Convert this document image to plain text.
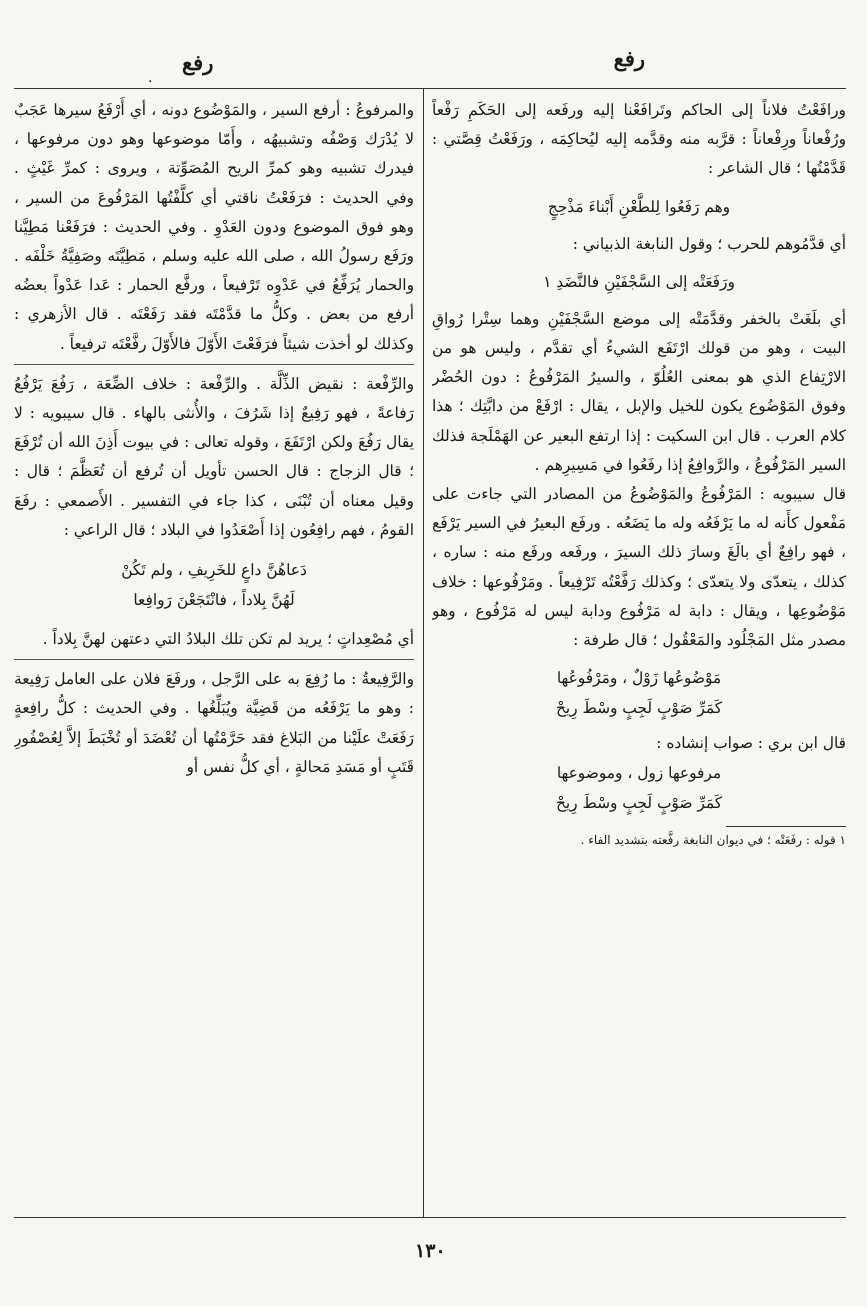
رفع
رفع
.

ورافَعْتُ فلاناً إلى الحاكم وتَرافَعْنا إليه ورفَعه إلى الحَكَمِ رَفْعاً ورُفْعاناً ورِفْعاناً : قرَّبه منه وقدَّمه إليه ليُحاكِمَه ، ورَفَعْتُ قِصَّتي : قَدَّمْتُها ؛ قال الشاعر :

وهم رَفَعُوا لِلطَّعْنِ أَبْناءَ مَذْحِجٍ

أي قدَّمُوهم للحرب ؛ وقول النابغة الذبياني :

ورَفَعَتْه إلى السَّجْفَيْنِ فالنَّضَدِ ١

أي بلَغَتْ بالخفر وقدَّمَتْه إلى موضع السَّجْفَيْنِ وهما سِتْرا رُواقِ البيت ، وهو من قولك ارْتَفَع الشيءُ أي تقدَّم ، وليس هو من الارْتِفاع الذي هو بمعنى العُلُوّ ، والسيرُ المَرْفُوعُ : دون الحُضْر وفوق المَوْضُوع يكون للخيل والإبل ، يقال : ارْفَعْ من دابَّتِك ؛ هذا كلام العرب . قال ابن السكيت : إذا ارتفع البعير عن الهَمْلَجة فذلك السير المَرْفُوعُ ، والرَّوافِعُ إذا رفَعُوا في مَسِيرِهم .

قال سيبويه : المَرْفُوعُ والمَوْضُوعُ من المصادر التي جاءت على مَفْعول كأَنه له ما يَرْفَعُه وله ما يَضَعُه . ورفَع البعيرُ في السير يَرْفَع ، فهو رافِعٌ أي بالَغَ وسارَ ذلك السيرَ ، ورفَعه ورفَع منه : ساره ، كذلك ، يتعدّى ولا يتعدّى ؛ وكذلك رَفَّعْتُه تَرْفِيعاً . ومَرْفُوعها : خلاف مَوْضُوعِها ، ويقال : دابة له مَرْفُوع ودابة ليس له مَرْفُوع ، وهو مصدر مثل المَجْلُود والمَعْقُول ؛ قال طرفة :

مَوْضُوعُها زَوْلٌ ، ومَرْفُوعُها

كَمَرِّ صَوْبٍ لَجِبٍ وسْطَ رِيحْ

قال ابن بري : صواب إنشاده :

مرفوعها زول ، وموضوعها

كَمَرِّ صَوْبٍ لَجِبٍ وسْطَ رِيحْ

١ قوله : رفَعَتْه ؛ في ديوان النابغة رفَّعته بتشديد الفاء .

والمرفوعُ : أرفع السير ، والمَوْضُوع دونه ، أي أَرْفَعُ سيرها عَجَبٌ لا يُدْرَك وَصْفُه وتشبيهُه ، وأَمّا موضوعها وهو دون مرفوعها ، فيدرك تشبيه وهو كمرِّ الريح المُصَوِّتة ، ويروى : كمرِّ غَيْثٍ . وفي الحديث : فرَفَعْتُ ناقتي أي كلَّفْتُها المَرْفُوعَ من السير ، وهو فوق الموضوع ودون العَدْوِ . وفي الحديث : فرَفَعْنا مَطِيَّنا ورَفَع رسولُ الله ، صلى الله عليه وسلم ، مَطِيَّتَه وصَفِيَّةُ خَلْفَه . والحمار يُرَفِّعُ في عَدْوِه تَرْفيعاً ، ورفَّع الحمار : عَدا عَدْواً بعضُه أرفع من بعض . وكلُّ ما قدَّمْتَه فقد رَفَعْتَه . قال الأزهري : وكذلك لو أخذت شيئاً فرَفَعْتَ الأَوّلَ فالأَوّلَ رفَّعْتَه ترفيعاً .

والرِّفْعة : نقيض الذِّلَّة . والرِّفْعة : خلاف الضِّعَة ، رَفُعَ يَرْفُعُ رَفاعةً ، فهو رَفِيعٌ إذا شَرُفَ ، والأُنثى بالهاء . قال سيبويه : لا يقال رَفُعَ ولكن ارْتَفَعَ ، وقوله تعالى : في بيوت أَذِنَ الله أن تُرْفَعَ ؛ قال الزجاج : قال الحسن تأويل أن تُرفع أن تُعَظَّمَ ؛ قال : وقيل معناه أن تُبْنَى ، كذا جاء في التفسير . الأَصمعي : رفَعَ القومُ ، فهم رافِعُون إذا أَصْعَدُوا في البلاد ؛ قال الراعي :

دَعاهُنَّ داعٍ للخَرِيفِ ، ولم تَكُنْ

لَهُنَّ بِلاداً ، فانْتَجَعْنَ رَوافِعا

أي مُصْعِداتٍ ؛ يريد لم تكن تلك البلادُ التي دعتهن لهنَّ بِلاداً .

والرَّفِيعةُ : ما رُفِعَ به على الرَّجل ، ورفَعَ فلان على العامل رَفِيعة : وهو ما يَرْفَعُه من قَضِيَّة ويُبَلِّغُها . وفي الحديث : كلُّ رافِعةٍ رَفَعَتْ علَيْنا من البَلاغ فقد حَرَّمْتُها أن تُعْضَدَ أو تُخْبَطَ إلاَّ لِعُصْفُورِ قَتَبٍ أو مَسَدِ مَحالةٍ ، أي كلُّ نفس أو

١٣٠
